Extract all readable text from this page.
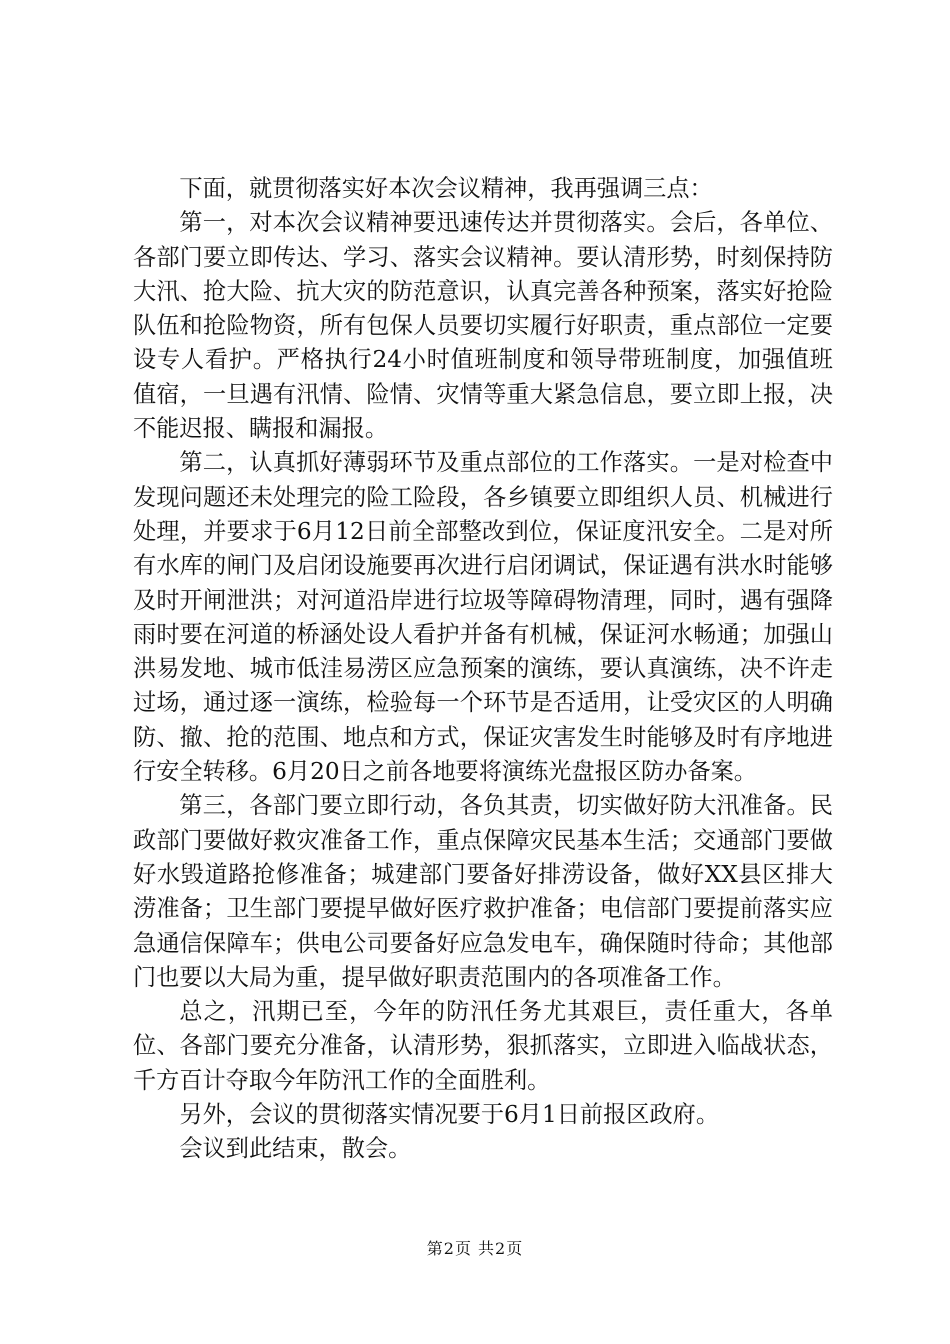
下面，就贯彻落实好本次会议精神，我再强调三点：

第一，对本次会议精神要迅速传达并贯彻落实。会后，各单位、各部门要立即传达、学习、落实会议精神。要认清形势，时刻保持防大汛、抢大险、抗大灾的防范意识，认真完善各种预案，落实好抢险队伍和抢险物资，所有包保人员要切实履行好职责，重点部位一定要设专人看护。严格执行24小时值班制度和领导带班制度，加强值班值宿，一旦遇有汛情、险情、灾情等重大紧急信息，要立即上报，决不能迟报、瞒报和漏报。

第二，认真抓好薄弱环节及重点部位的工作落实。一是对检查中发现问题还未处理完的险工险段，各乡镇要立即组织人员、机械进行处理，并要求于6月12日前全部整改到位，保证度汛安全。二是对所有水库的闸门及启闭设施要再次进行启闭调试，保证遇有洪水时能够及时开闸泄洪；对河道沿岸进行垃圾等障碍物清理，同时，遇有强降雨时要在河道的桥涵处设人看护并备有机械，保证河水畅通；加强山洪易发地、城市低洼易涝区应急预案的演练，要认真演练，决不许走过场，通过逐一演练，检验每一个环节是否适用，让受灾区的人明确防、撤、抢的范围、地点和方式，保证灾害发生时能够及时有序地进行安全转移。6月20日之前各地要将演练光盘报区防办备案。

第三，各部门要立即行动，各负其责，切实做好防大汛准备。民政部门要做好救灾准备工作，重点保障灾民基本生活；交通部门要做好水毁道路抢修准备；城建部门要备好排涝设备，做好XX县区排大涝准备；卫生部门要提早做好医疗救护准备；电信部门要提前落实应急通信保障车；供电公司要备好应急发电车，确保随时待命；其他部门也要以大局为重，提早做好职责范围内的各项准备工作。

总之，汛期已至，今年的防汛任务尤其艰巨，责任重大，各单位、各部门要充分准备，认清形势，狠抓落实，立即进入临战状态，千方百计夺取今年防汛工作的全面胜利。

另外，会议的贯彻落实情况要于6月1日前报区政府。

会议到此结束，散会。

第2页 共2页
